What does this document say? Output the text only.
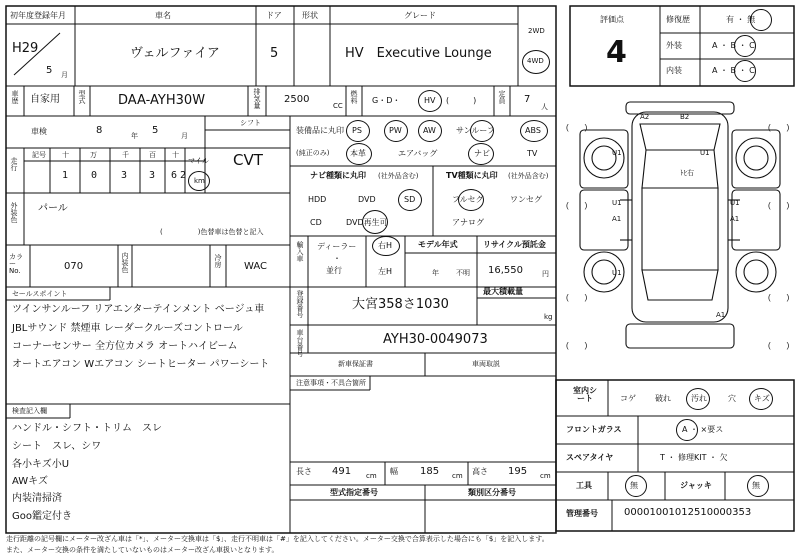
(　　)	(　　)
(　　)	(　　)
(　　)	(　　)
(　　)	(　　)
初年度登録年月	車名	ドア	形状	グレード
H29
5 月
ヴェルファイア	5	HV　Executive Lounge
2WD
4WD
車歴 自家用	型式 DAA-AYH30W	排気量 2500
CC
燃料 G・D・	HV (　　　)	定員 7
人
車検	8	年 5	月
シフト
CVT
走行
記号 十	万	千	百 十
マイル
1 0 3 3 6 2 km
装備品に丸印
(純正のみ)
PS	PW	AW	サンルーフ	ABS
本革	エアバッグ	ナビ	TV
ナビ種類に丸印 (社外品含む)
HDD	DVD	SD
CD	DVD再生可
TV種類に丸印 (社外品含む)
フルセグ	ワンセグ
アナログ
外装色 パール
(　　　　　)色替車は色替と記入
カラーNo.	070	内装色	冷房 WAC
輸入車 ディーラー
・
並行
右H
左H
モデル年式
年 不明
リサイクル預託金
16,550	円
セールスポイント
ツインサンルーフ リアエンターテインメント ベージュ車
JBLサウンド 禁煙車 レーダークルーズコントロール
コーナーセンサー 全方位カメラ オートハイビーム
オートエアコン Wエアコン シートヒーター パワーシート
登録番号	大宮358さ1030
最大積載量
kg
車台番号	AYH30-0049073
新車保証書	車両取説
注意事項・不具合箇所
検査記入欄
ハンドル・シフト・トリム　スレ
シート　スレ、シワ
各小キズ小U
AWキズ
内装清掃済
Goo鑑定付き
長さ 491 cm 幅 185 cm 高さ 195 cm
型式指定番号	類別区分番号
評価点
4
修復歴	有 ・ 無
外装	A ・ B ・ C
内装	A ・ B ・ C
A2	B2
U1	U1
ﾄﾋ右
U1	U1
A1
U1
A1
A1
室内シート	コゲ 破れ	汚れ	穴 キズ
フロントガラス	A ・ ×要ス
スペアタイヤ	T ・ 修理KIT ・ 欠
工具	無	ジャッキ	無
管理番号	00001001012510000353
走行距離の記号欄にメーター改ざん車は「*」、メーター交換車は「$」、走行不明車は「#」を記入してください。メーター交換で合算表示した場合にも「$」を記入します。
また、メーター交換の条件を満たしていないものはメーター改ざん車扱いとなります。
